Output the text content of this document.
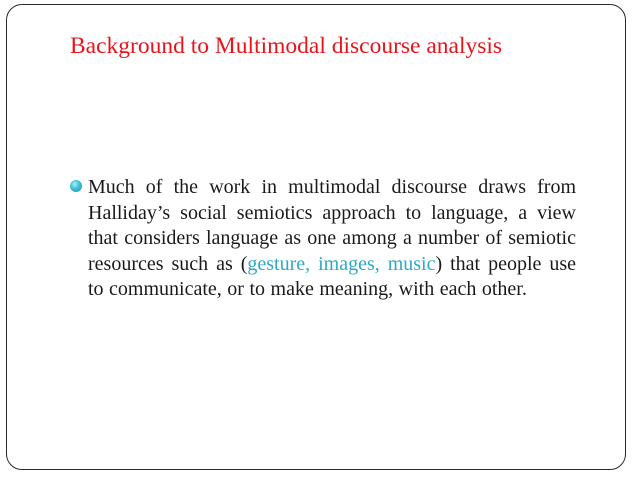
Background to Multimodal discourse analysis
Much of the work in multimodal discourse draws from Halliday’s social semiotics approach to language, a view that considers language as one among a number of semiotic resources such as (gesture, images, music) that people use to communicate, or to make meaning, with each other.
